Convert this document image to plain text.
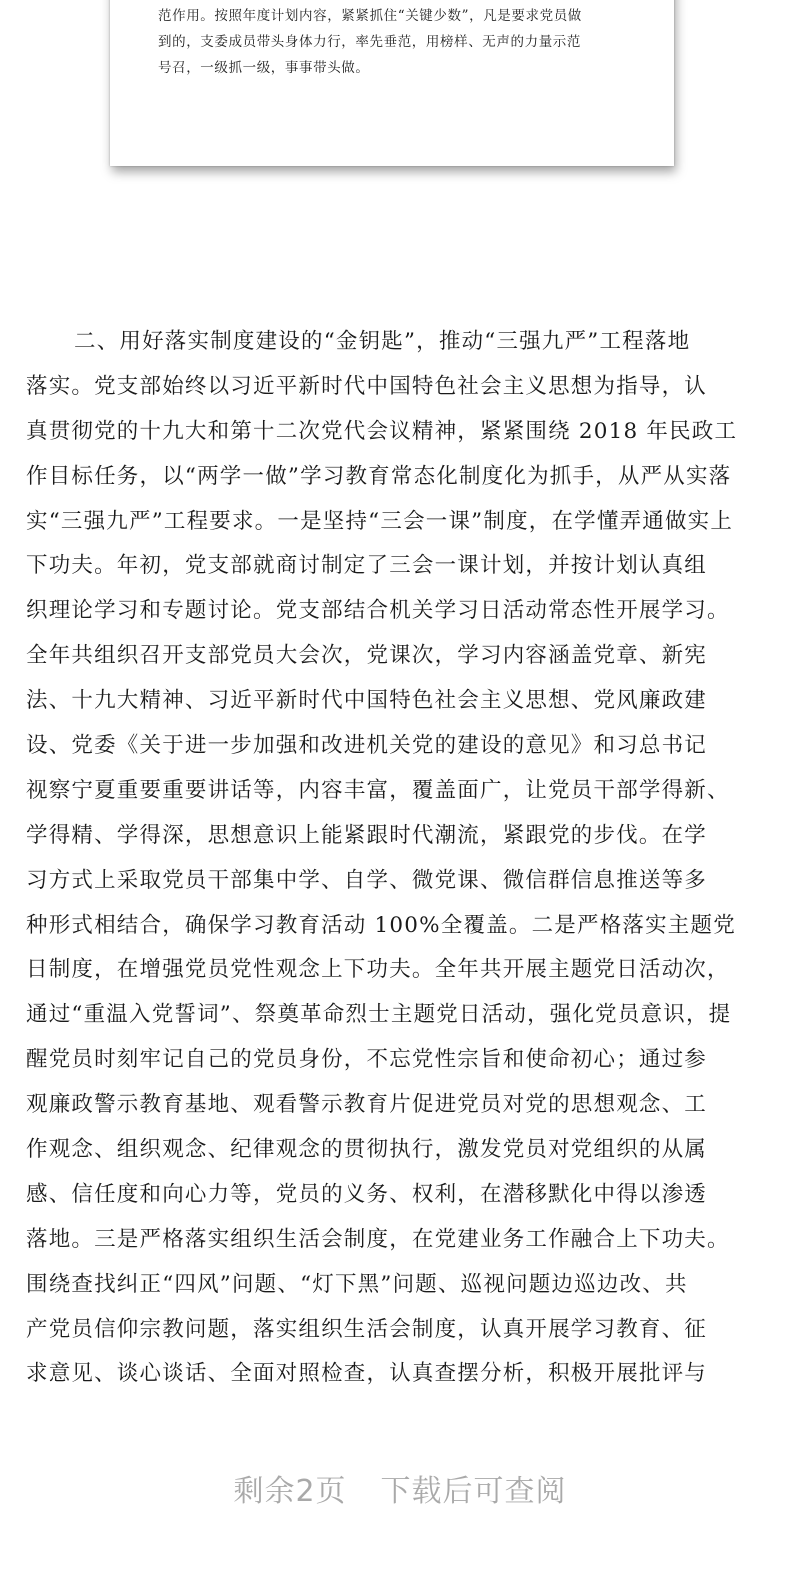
范作用。按照年度计划内容，紧紧抓住“关键少数”，凡是要求党员做
到的，支委成员带头身体力行，率先垂范，用榜样、无声的力量示范
号召，一级抓一级，事事带头做。
二、用好落实制度建设的“金钥匙”，推动“三强九严”工程落地
落实。党支部始终以习近平新时代中国特色社会主义思想为指导，认
真贯彻党的十九大和第十二次党代会议精神，紧紧围绕 2018 年民政工
作目标任务，以“两学一做”学习教育常态化制度化为抓手，从严从实落
实“三强九严”工程要求。一是坚持“三会一课”制度，在学懂弄通做实上
下功夫。年初，党支部就商讨制定了三会一课计划，并按计划认真组
织理论学习和专题讨论。党支部结合机关学习日活动常态性开展学习。
全年共组织召开支部党员大会次，党课次，学习内容涵盖党章、新宪
法、十九大精神、习近平新时代中国特色社会主义思想、党风廉政建
设、党委《关于进一步加强和改进机关党的建设的意见》和习总书记
视察宁夏重要重要讲话等，内容丰富，覆盖面广，让党员干部学得新、
学得精、学得深，思想意识上能紧跟时代潮流，紧跟党的步伐。在学
习方式上采取党员干部集中学、自学、微党课、微信群信息推送等多
种形式相结合，确保学习教育活动 100%全覆盖。二是严格落实主题党
日制度，在增强党员党性观念上下功夫。全年共开展主题党日活动次，
通过“重温入党誓词”、祭奠革命烈士主题党日活动，强化党员意识，提
醒党员时刻牢记自己的党员身份，不忘党性宗旨和使命初心；通过参
观廉政警示教育基地、观看警示教育片促进党员对党的思想观念、工
作观念、组织观念、纪律观念的贯彻执行，激发党员对党组织的从属
感、信任度和向心力等，党员的义务、权利，在潜移默化中得以渗透
落地。三是严格落实组织生活会制度，在党建业务工作融合上下功夫。
围绕查找纠正“四风”问题、“灯下黑”问题、巡视问题边巡边改、共
产党员信仰宗教问题，落实组织生活会制度，认真开展学习教育、征
求意见、谈心谈话、全面对照检查，认真查摆分析，积极开展批评与
剩余2页 下载后可查阅
